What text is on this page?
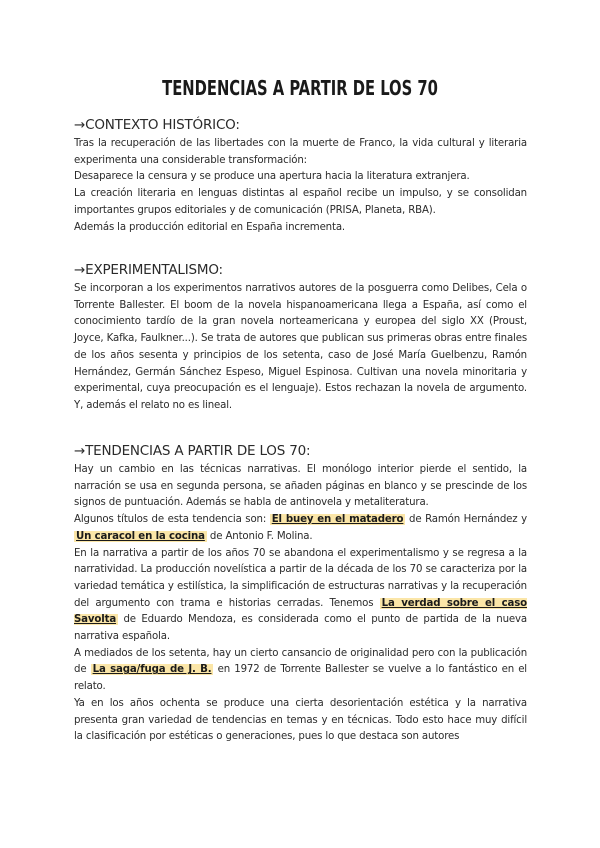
TENDENCIAS A PARTIR DE LOS 70
→CONTEXTO HISTÓRICO:

Tras la recuperación de las libertades con la muerte de Franco, la vida cultural y literaria experimenta una considerable transformación:

Desaparece la censura y se produce una apertura hacia la literatura extranjera.

La creación literaria en lenguas distintas al español recibe un impulso, y se consolidan importantes grupos editoriales y de comunicación (PRISA, Planeta, RBA).

Además la producción editorial en España incrementa.

→EXPERIMENTALISMO:

Se incorporan a los experimentos narrativos autores de la posguerra como Delibes, Cela o Torrente Ballester. El boom de la novela hispanoamericana llega a España, así como el conocimiento tardío de la gran novela norteamericana y europea del siglo XX (Proust, Joyce, Kafka, Faulkner...). Se trata de autores que publican sus primeras obras entre finales de los años sesenta y principios de los setenta, caso de José María Guelbenzu, Ramón Hernández, Germán Sánchez Espeso, Miguel Espinosa. Cultivan una novela minoritaria y experimental, cuya preocupación es el lenguaje). Estos rechazan la novela de argumento. Y, además el relato no es lineal.

→TENDENCIAS A PARTIR DE LOS 70:

Hay un cambio en las técnicas narrativas. El monólogo interior pierde el sentido, la narración se usa en segunda persona, se añaden páginas en blanco y se prescinde de los signos de puntuación. Además se habla de antinovela y metaliteratura.

Algunos títulos de esta tendencia son: El buey en el matadero de Ramón Hernández y Un caracol en la cocina de Antonio F. Molina.

En la narrativa a partir de los años 70 se abandona el experimentalismo y se regresa a la narratividad. La producción novelística a partir de la década de los 70 se caracteriza por la variedad temática y estilística, la simplificación de estructuras narrativas y la recuperación del argumento con trama e historias cerradas. Tenemos La verdad sobre el caso Savolta de Eduardo Mendoza, es considerada como el punto de partida de la nueva narrativa española.

A mediados de los setenta, hay un cierto cansancio de originalidad pero con la publicación de La saga/fuga de J. B. en 1972 de Torrente Ballester se vuelve a lo fantástico en el relato.

Ya en los años ochenta se produce una cierta desorientación estética y la narrativa presenta gran variedad de tendencias en temas y en técnicas. Todo esto hace muy difícil la clasificación por estéticas o generaciones, pues lo que destaca son autores
